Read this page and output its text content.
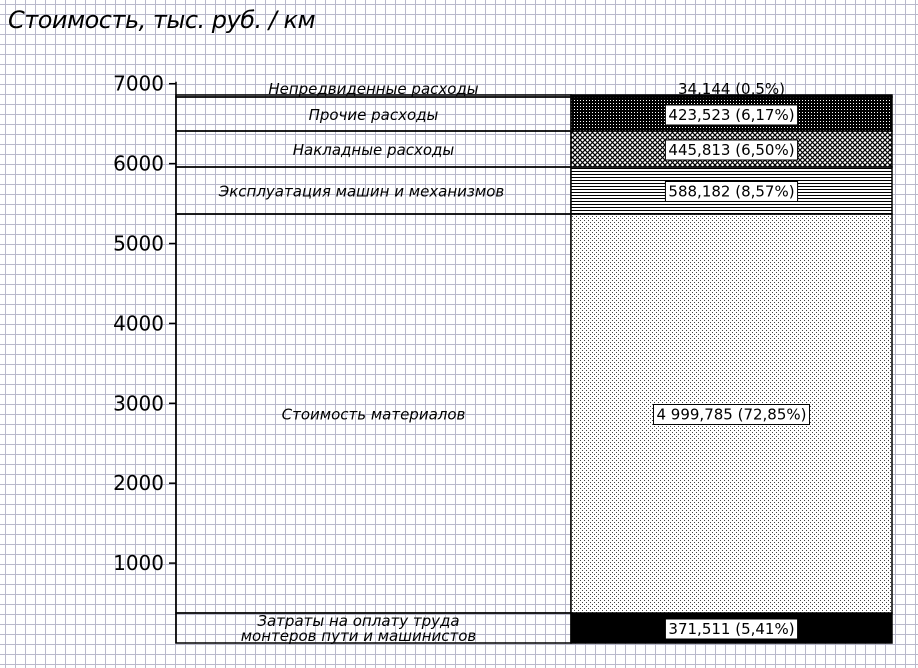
Стоимость, тыс. руб. / км
1000
2000
3000
4000
5000
6000
7000
371,511 (5,41%)
Затраты на оплату труда
монтеров пути и машинистов
4 999,785 (72,85%)
Стоимость материалов
588,182 (8,57%)
Эксплуатация машин и механизмов
445,813 (6,50%)
Накладные расходы
423,523 (6,17%)
Прочие расходы
34,144 (0,5%)
Непредвиденные расходы
